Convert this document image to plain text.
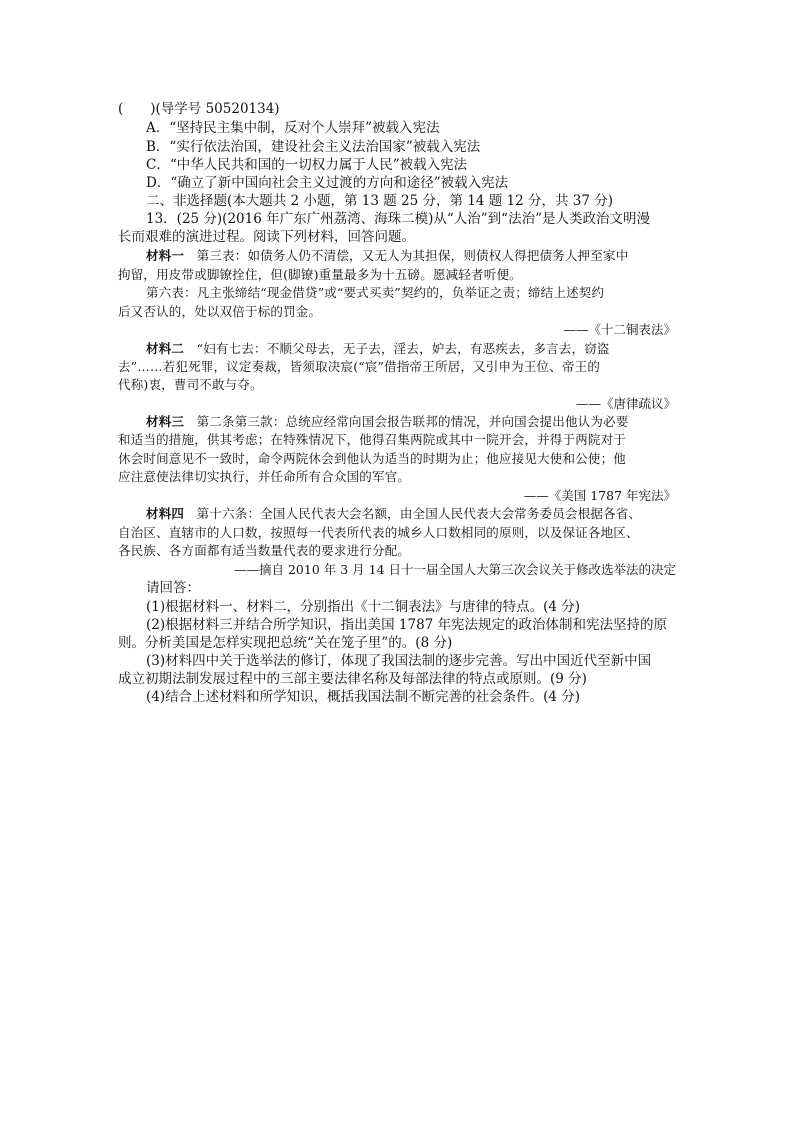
(　　)(导学号 50520134)
A．“坚持民主集中制，反对个人崇拜”被载入宪法
B．“实行依法治国，建设社会主义法治国家”被载入宪法
C．“中华人民共和国的一切权力属于人民”被载入宪法
D．“确立了新中国向社会主义过渡的方向和途径”被载入宪法
二、非选择题(本大题共 2 小题，第 13 题 25 分，第 14 题 12 分，共 37 分)
13．(25 分)(2016 年广东广州荔湾、海珠二模)从“人治”到“法治”是人类政治文明漫
长而艰难的演进过程。阅读下列材料，回答问题。
材料一 第三表：如债务人仍不清偿，又无人为其担保，则债权人得把债务人押至家中
拘留，用皮带或脚镣拴住，但(脚镣)重量最多为十五磅。愿减轻者听便。
第六表：凡主张缔结“现金借贷”或“要式买卖”契约的，负举证之责；缔结上述契约
后又否认的，处以双倍于标的罚金。
——《十二铜表法》
材料二 “妇有七去：不顺父母去，无子去，淫去，妒去，有恶疾去，多言去，窃盗
去”……若犯死罪，议定奏裁，皆须取决宸(“宸”借指帝王所居，又引申为王位、帝王的
代称)衷，曹司不敢与夺。
——《唐律疏议》
材料三 第二条第三款：总统应经常向国会报告联邦的情况，并向国会提出他认为必要
和适当的措施，供其考虑；在特殊情况下，他得召集两院或其中一院开会，并得于两院对于
休会时间意见不一致时，命令两院休会到他认为适当的时期为止；他应接见大使和公使；他
应注意使法律切实执行，并任命所有合众国的军官。
——《美国 1787 年宪法》
材料四 第十六条：全国人民代表大会名额，由全国人民代表大会常务委员会根据各省、
自治区、直辖市的人口数，按照每一代表所代表的城乡人口数相同的原则，以及保证各地区、
各民族、各方面都有适当数量代表的要求进行分配。
——摘自 2010 年 3 月 14 日十一届全国人大第三次会议关于修改选举法的决定
请回答：
(1)根据材料一、材料二，分别指出《十二铜表法》与唐律的特点。(4 分)
(2)根据材料三并结合所学知识，指出美国 1787 年宪法规定的政治体制和宪法坚持的原
则。分析美国是怎样实现把总统“关在笼子里”的。(8 分)
(3)材料四中关于选举法的修订，体现了我国法制的逐步完善。写出中国近代至新中国
成立初期法制发展过程中的三部主要法律名称及每部法律的特点或原则。(9 分)
(4)结合上述材料和所学知识，概括我国法制不断完善的社会条件。(4 分)
